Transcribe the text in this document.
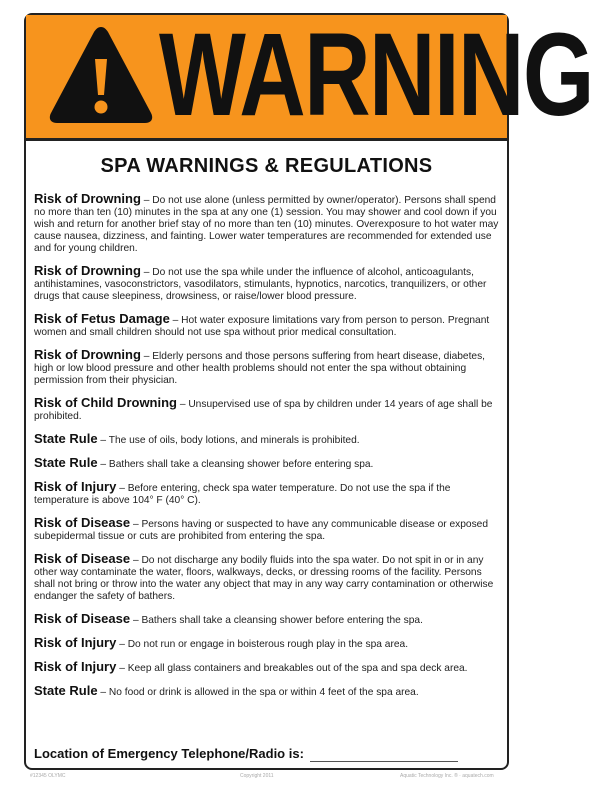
WARNING
SPA WARNINGS & REGULATIONS
Risk of Drowning – Do not use alone (unless permitted by owner/operator). Persons shall spend no more than ten (10) minutes in the spa at any one (1) session. You may shower and cool down if you wish and return for another brief stay of no more than ten (10) minutes. Overexposure to hot water may cause nausea, dizziness, and fainting. Lower water temperatures are recommended for extended use and for young children.
Risk of Drowning – Do not use the spa while under the influence of alcohol, anticoagulants, antihistamines, vasoconstrictors, vasodilators, stimulants, hypnotics, narcotics, tranquilizers, or other drugs that cause sleepiness, drowsiness, or raise/lower blood pressure.
Risk of Fetus Damage – Hot water exposure limitations vary from person to person. Pregnant women and small children should not use spa without prior medical consultation.
Risk of Drowning – Elderly persons and those persons suffering from heart disease, diabetes, high or low blood pressure and other health problems should not enter the spa without obtaining permission from their physician.
Risk of Child Drowning – Unsupervised use of spa by children under 14 years of age shall be prohibited.
State Rule – The use of oils, body lotions, and minerals is prohibited.
State Rule – Bathers shall take a cleansing shower before entering spa.
Risk of Injury – Before entering, check spa water temperature. Do not use the spa if the temperature is above 104° F (40° C).
Risk of Disease – Persons having or suspected to have any communicable disease or exposed subepidermal tissue or cuts are prohibited from entering the spa.
Risk of Disease – Do not discharge any bodily fluids into the spa water. Do not spit in or in any other way contaminate the water, floors, walkways, decks, or dressing rooms of the facility. Persons shall not bring or throw into the water any object that may in any way carry contamination or otherwise endanger the safety of bathers.
Risk of Disease – Bathers shall take a cleansing shower before entering the spa.
Risk of Injury – Do not run or engage in boisterous rough play in the spa area.
Risk of Injury – Keep all glass containers and breakables out of the spa and spa deck area.
State Rule – No food or drink is allowed in the spa or within 4 feet of the spa area.
Location of Emergency Telephone/Radio is:
#12345 OLYMC	Copyright 2011	Aquatic Technology Inc. ® · aquatech.com
